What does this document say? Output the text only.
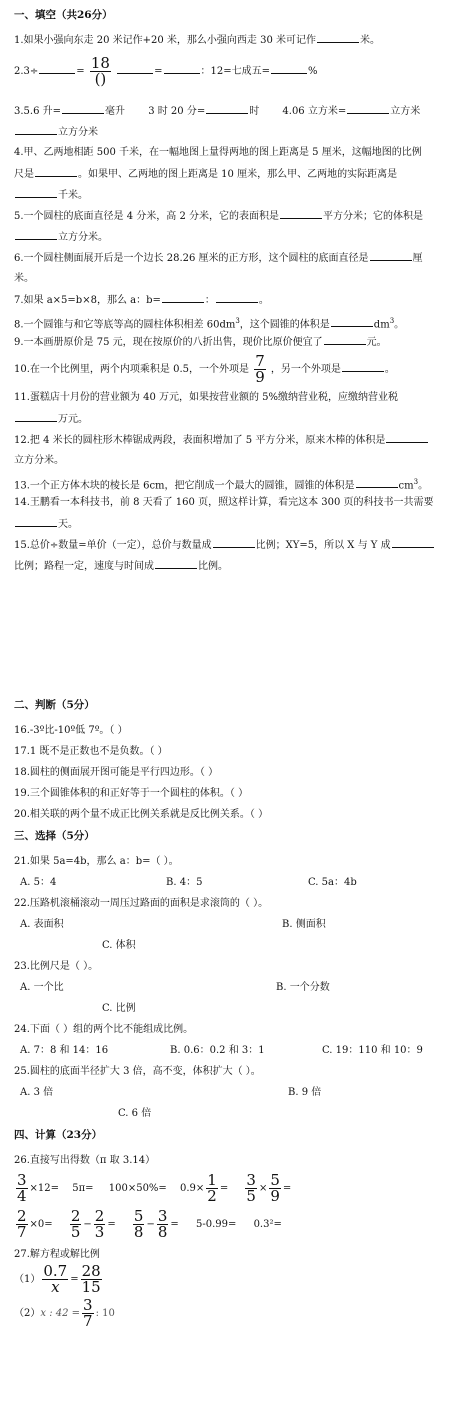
一、填空（共26分）
1.如果小强向东走 20 米记作+20 米，那么小强向西走 30 米可记作	米。
2.3÷	= $\frac{18}{()}$	=	：12=七成五=	%
3.5.6 升=	毫升 3 时 20 分=	时 4.06 立方米=	立方米
立方分米
4.甲、乙两地相距 500 千米，在一幅地图上量得两地的图上距离是 5 厘米，这幅地图的比例
尺是	。如果甲、乙两地的图上距离是 10 厘米，那么甲、乙两地的实际距离是
千米。
5.一个圆柱的底面直径是 4 分米，高 2 分米，它的表面积是	平方分米；它的体积是
立方分米。
6.一个圆柱侧面展开后是一个边长 28.26 厘米的正方形，这个圆柱的底面直径是	厘
米。
7.如果 a×5=b×8，那么 a：b=	：	。
8.一个圆锥与和它等底等高的圆柱体积相差 $60dm^3$，这个圆锥的体积是	$dm^3$。
9.一本画册原价是 75 元，现在按原价的八折出售，现价比原价便宜了	元。
10.在一个比例里，两个内项乘积是 0.5，一个外项是 $\frac{7}{9}$ ，另一个外项是	。
11.蛋糕店十月份的营业额为 40 万元，如果按营业额的 5%缴纳营业税，应缴纳营业税
万元。
12.把 4 米长的圆柱形木棒锯成两段，表面积增加了 5 平方分米，原来木棒的体积是
立方分米。
13.一个正方体木块的棱长是 6cm，把它削成一个最大的圆锥，圆锥的体积是	$cm^3$。
14.王鹏看一本科技书，前 8 天看了 160 页，照这样计算，看完这本 300 页的科技书一共需要
天。
15.总价÷数量=单价（一定），总价与数量成	比例；XY=5，所以 X 与 Y 成
比例；路程一定，速度与时间成	比例。
二、判断（5分）
16.-3º比-10º低 7º。（ ）
17.1 既不是正数也不是负数。（ ）
18.圆柱的侧面展开图可能是平行四边形。（ ）
19.三个圆锥体积的和正好等于一个圆柱的体积。（ ）
20.相关联的两个量不成正比例关系就是反比例关系。（ ）
三、选择（5分）
21.如果 5a=4b，那么 a：b=（ ）。
A. 5：4	B. 4：5	C. 5a：4b
22.压路机滚桶滚动一周压过路面的面积是求滚筒的（ ）。
A. 表面积	B. 侧面积
C. 体积
23.比例尺是（ ）。
A. 一个比	B. 一个分数
C. 比例
24.下面（ ）组的两个比不能组成比例。
A. 7：8 和 14：16	B. 0.6：0.2 和 3：1	C. 19：110 和 10：9
25.圆柱的底面半径扩大 3 倍，高不变，体积扩大（ ）。
A. 3 倍	B. 9 倍
C. 6 倍
四、计算（23分）
26.直接写出得数（π 取 3.14）
$\frac{3}{4} \times 12= 5\pi= 100\times 50\%= 0.9\times \frac{1}{2} = \frac{3}{5} \times \frac{5}{9}$ =
$\frac{2}{7} \times 0= \frac{2}{5} - \frac{2}{3} = \frac{5}{8} - \frac{3}{8} = 5-0.99= 0.3^2=$
27.解方程或解比例
$(1) \frac{0.7}{x} = \frac{28}{15}$
（2）x : $42 = \frac{3}{7}$ : 10
